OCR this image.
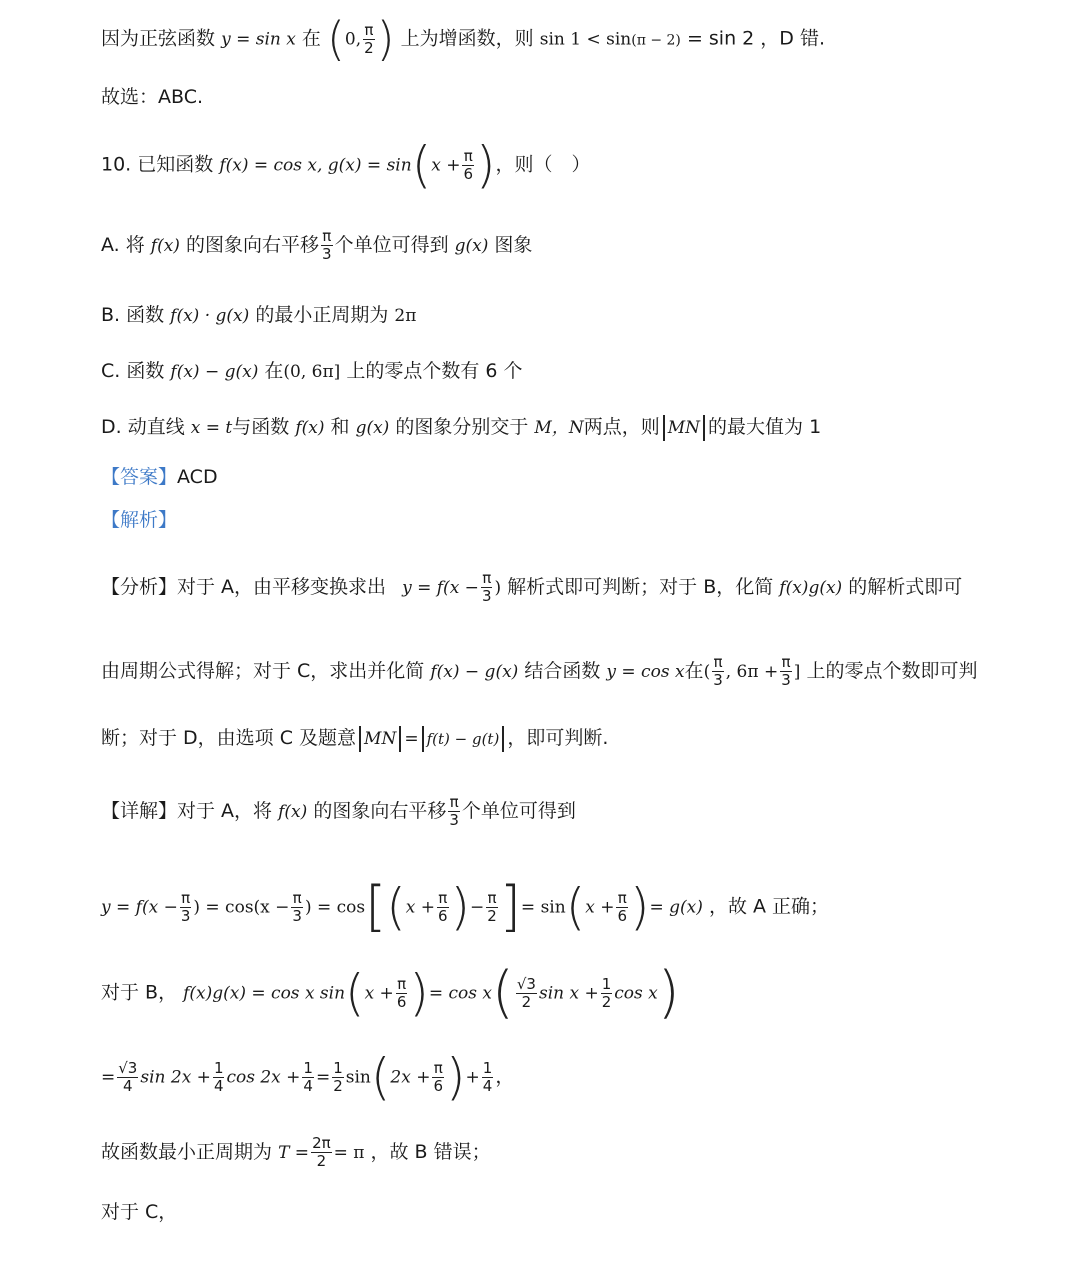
因为正弦函数 y = sin x 在 (0, $\frac{\pi}{2}$ ) 上为增函数，则 sin 1 < sin(π − 2) = sin 2 ，D 错.
故选：ABC.
10. 已知函数 f(x) = cos x, $g(x) = \sin(x + \frac{\pi}{6}$ )，则（　）
A. 将 f(x) 的图象向右平移 $\frac{\pi}{3}$ 个单位可得到 g(x) 图象
B. 函数 f(x) · g(x) 的最小正周期为 2π
C. 函数 f(x) − g(x) 在(0, 6π] 上的零点个数有 6 个
D. 动直线 x = t与函数 f(x) 和 g(x) 的图象分别交于 M，N两点，则 MN 的最大值为 1
【答案】ACD
【解析】
【分析】对于 A，由平移变换求出 $y = f(x - \frac{\pi}{3}$ ) 解析式即可判断；对于 B，化简 f(x)g(x) 的解析式即可
由周期公式得解；对于 C，求出并化简 f(x) − g(x) 结合函数 y = cos x在( $\frac{\pi}{3}$ , $6\pi + \frac{\pi}{3}$ ] 上的零点个数即可判
断；对于 D，由选项 C 及题意 MN = f(t) − g(t) ，即可判断.
【详解】对于 A，将 f(x) 的图象向右平移 $\frac{\pi}{3}$ 个单位可得到
$y = f(x - \frac{\pi}{3}$ ) = $\cos(x - \frac{\pi}{3}$ ) = $\cos[(x + \frac{\pi}{6}$ )− $\frac{\pi}{2}$ ]= $\sin(x + \frac{\pi}{6}$ )= g(x) ，故 A 正确；
对于 B， f(x)g(x) = cos x $\sin(x + \frac{\pi}{6}$ )= $\cos x( \frac{√3}{2}$ $\sin x + \frac{1}{2}$ cos x)
= $\frac{√3}{4}$ $\sin 2x + \frac{1}{4}$ $\cos 2x + \frac{1}{4} = \frac{1}{2} \sin(2x + \frac{\pi}{6}$ )+ $\frac{1}{4}$ ，
故函数最小正周期为 $T = \frac{2\pi}{2} = \pi$ ，故 B 错误；
对于 C，
